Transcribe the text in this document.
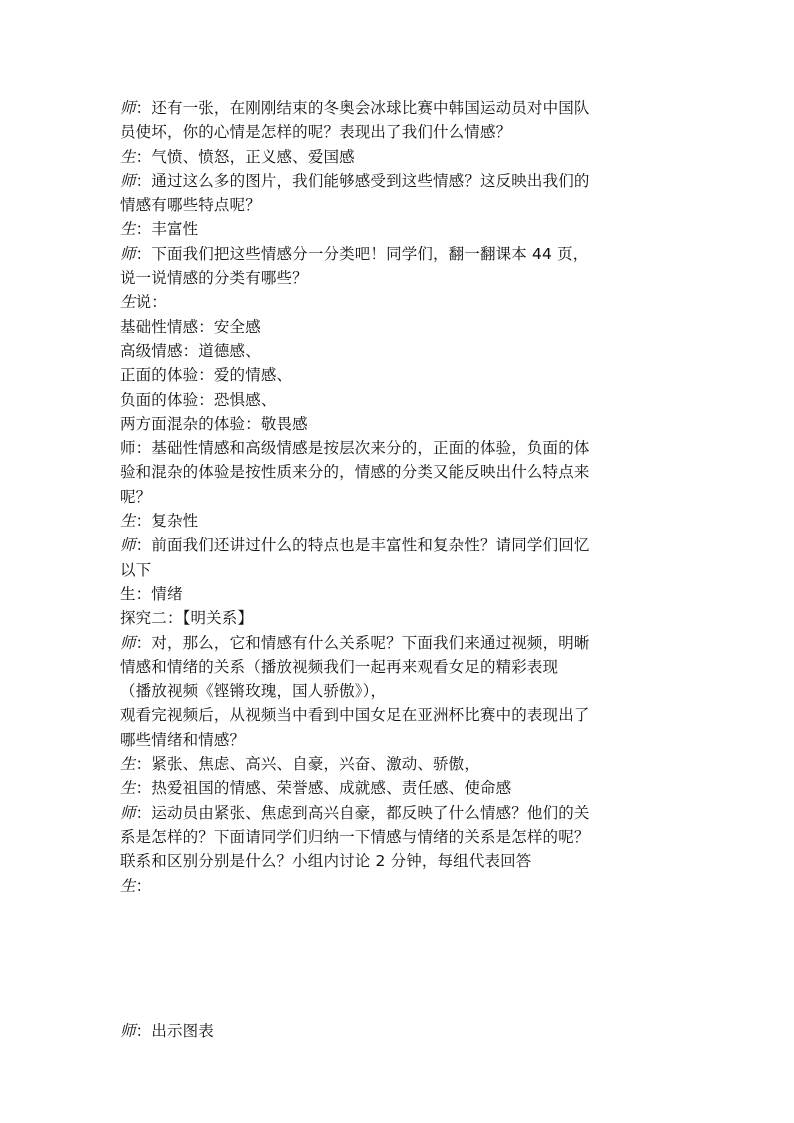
师：还有一张，在刚刚结束的冬奥会冰球比赛中韩国运动员对中国队
员使坏，你的心情是怎样的呢？表现出了我们什么情感？
生：气愤、愤怒，正义感、爱国感
师：通过这么多的图片，我们能够感受到这些情感？这反映出我们的
情感有哪些特点呢？
生：丰富性
师：下面我们把这些情感分一分类吧！同学们，翻一翻课本 44 页，
说一说情感的分类有哪些？
生说：
基础性情感：安全感
高级情感：道德感、
正面的体验：爱的情感、
负面的体验：恐惧感、
两方面混杂的体验：敬畏感
师：基础性情感和高级情感是按层次来分的，正面的体验，负面的体
验和混杂的体验是按性质来分的，情感的分类又能反映出什么特点来
呢？
生：复杂性
师：前面我们还讲过什么的特点也是丰富性和复杂性？请同学们回忆
以下
生：情绪
探究二：【明关系】
师：对，那么，它和情感有什么关系呢？下面我们来通过视频，明晰
情感和情绪的关系（播放视频我们一起再来观看女足的精彩表现
（播放视频《铿锵玫瑰，国人骄傲》），
观看完视频后，从视频当中看到中国女足在亚洲杯比赛中的表现出了
哪些情绪和情感？
生：紧张、焦虑、高兴、自豪，兴奋、激动、骄傲，
生：热爱祖国的情感、荣誉感、成就感、责任感、使命感
师：运动员由紧张、焦虑到高兴自豪，都反映了什么情感？他们的关
系是怎样的？下面请同学们归纳一下情感与情绪的关系是怎样的呢？
联系和区别分别是什么？小组内讨论 2 分钟，每组代表回答
生：
师：出示图表
